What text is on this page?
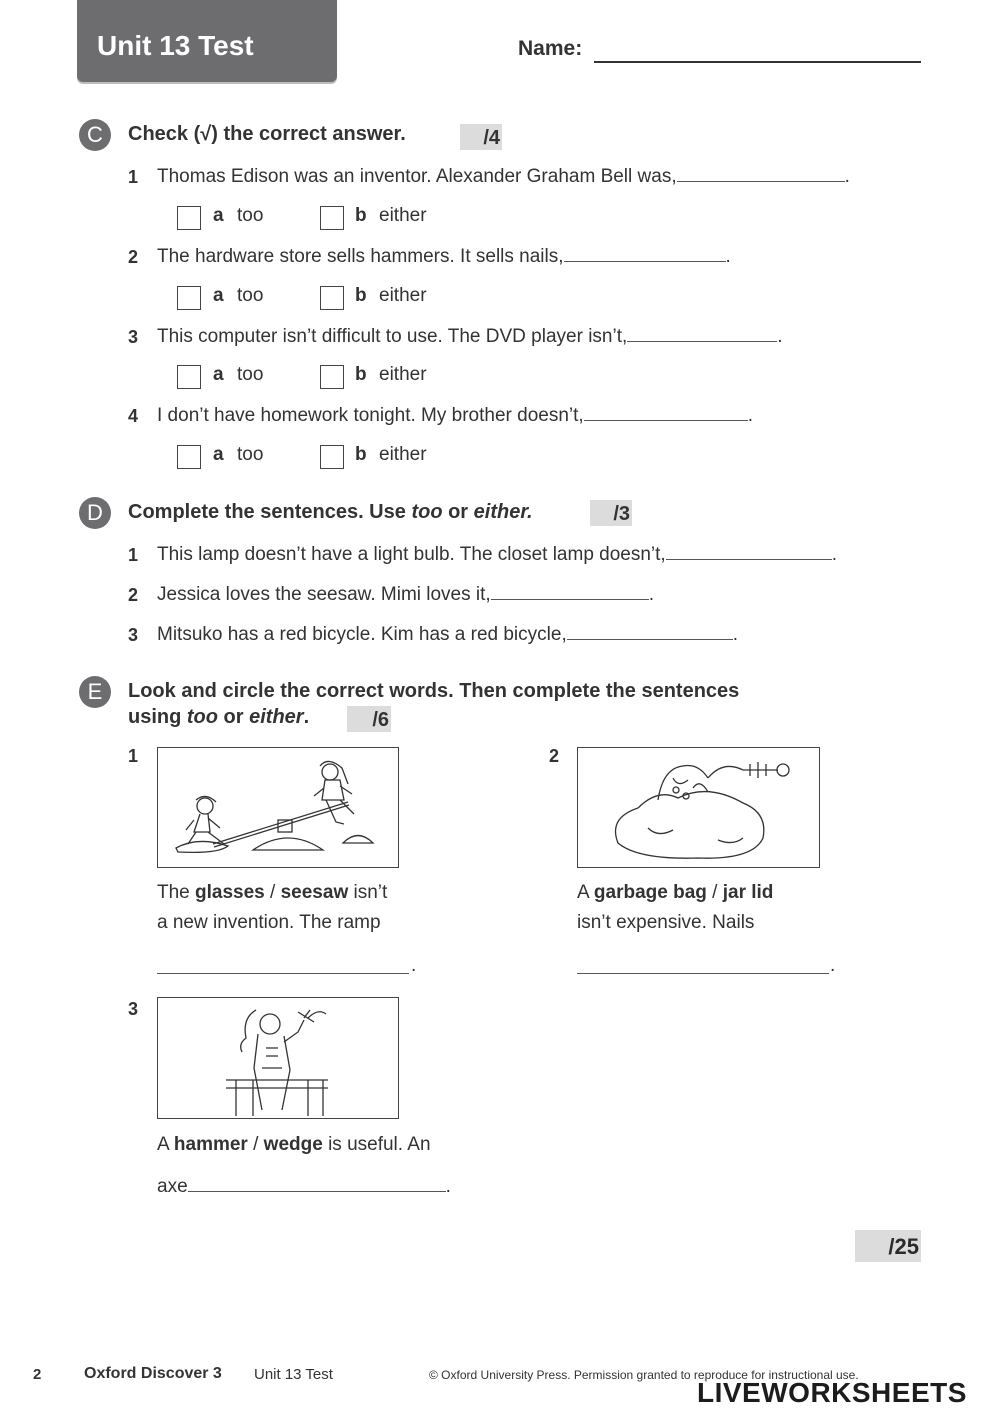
Unit 13 Test	Name:
C	Check (√) the correct answer.	/4
1 Thomas Edison was an inventor. Alexander Graham Bell was,	.
a too	b either
2 The hardware store sells hammers. It sells nails,	.
a too	b either
3 This computer isn’t difficult to use. The DVD player isn’t,	.
a too	b either
4 I don’t have homework tonight. My brother doesn’t,	.
a too	b either
D	Complete the sentences. Use too or either.	/3
1 This lamp doesn’t have a light bulb. The closet lamp doesn’t,	.
2 Jessica loves the seesaw. Mimi loves it,	.
3 Mitsuko has a red bicycle. Kim has a red bicycle,	.
E	Look and circle the correct words. Then complete the sentences
using too or either.	/6
1
The glasses / seesaw isn’t
a new invention. The ramp
.
2
A garbage bag / jar lid
isn’t expensive. Nails
.
3
A hammer / wedge is useful. An
axe	.
/25
2	Oxford Discover 3 Unit 13 Test	© Oxford University Press. Permission granted to reproduce for instructional use.
LIVEWORKSHEETS
